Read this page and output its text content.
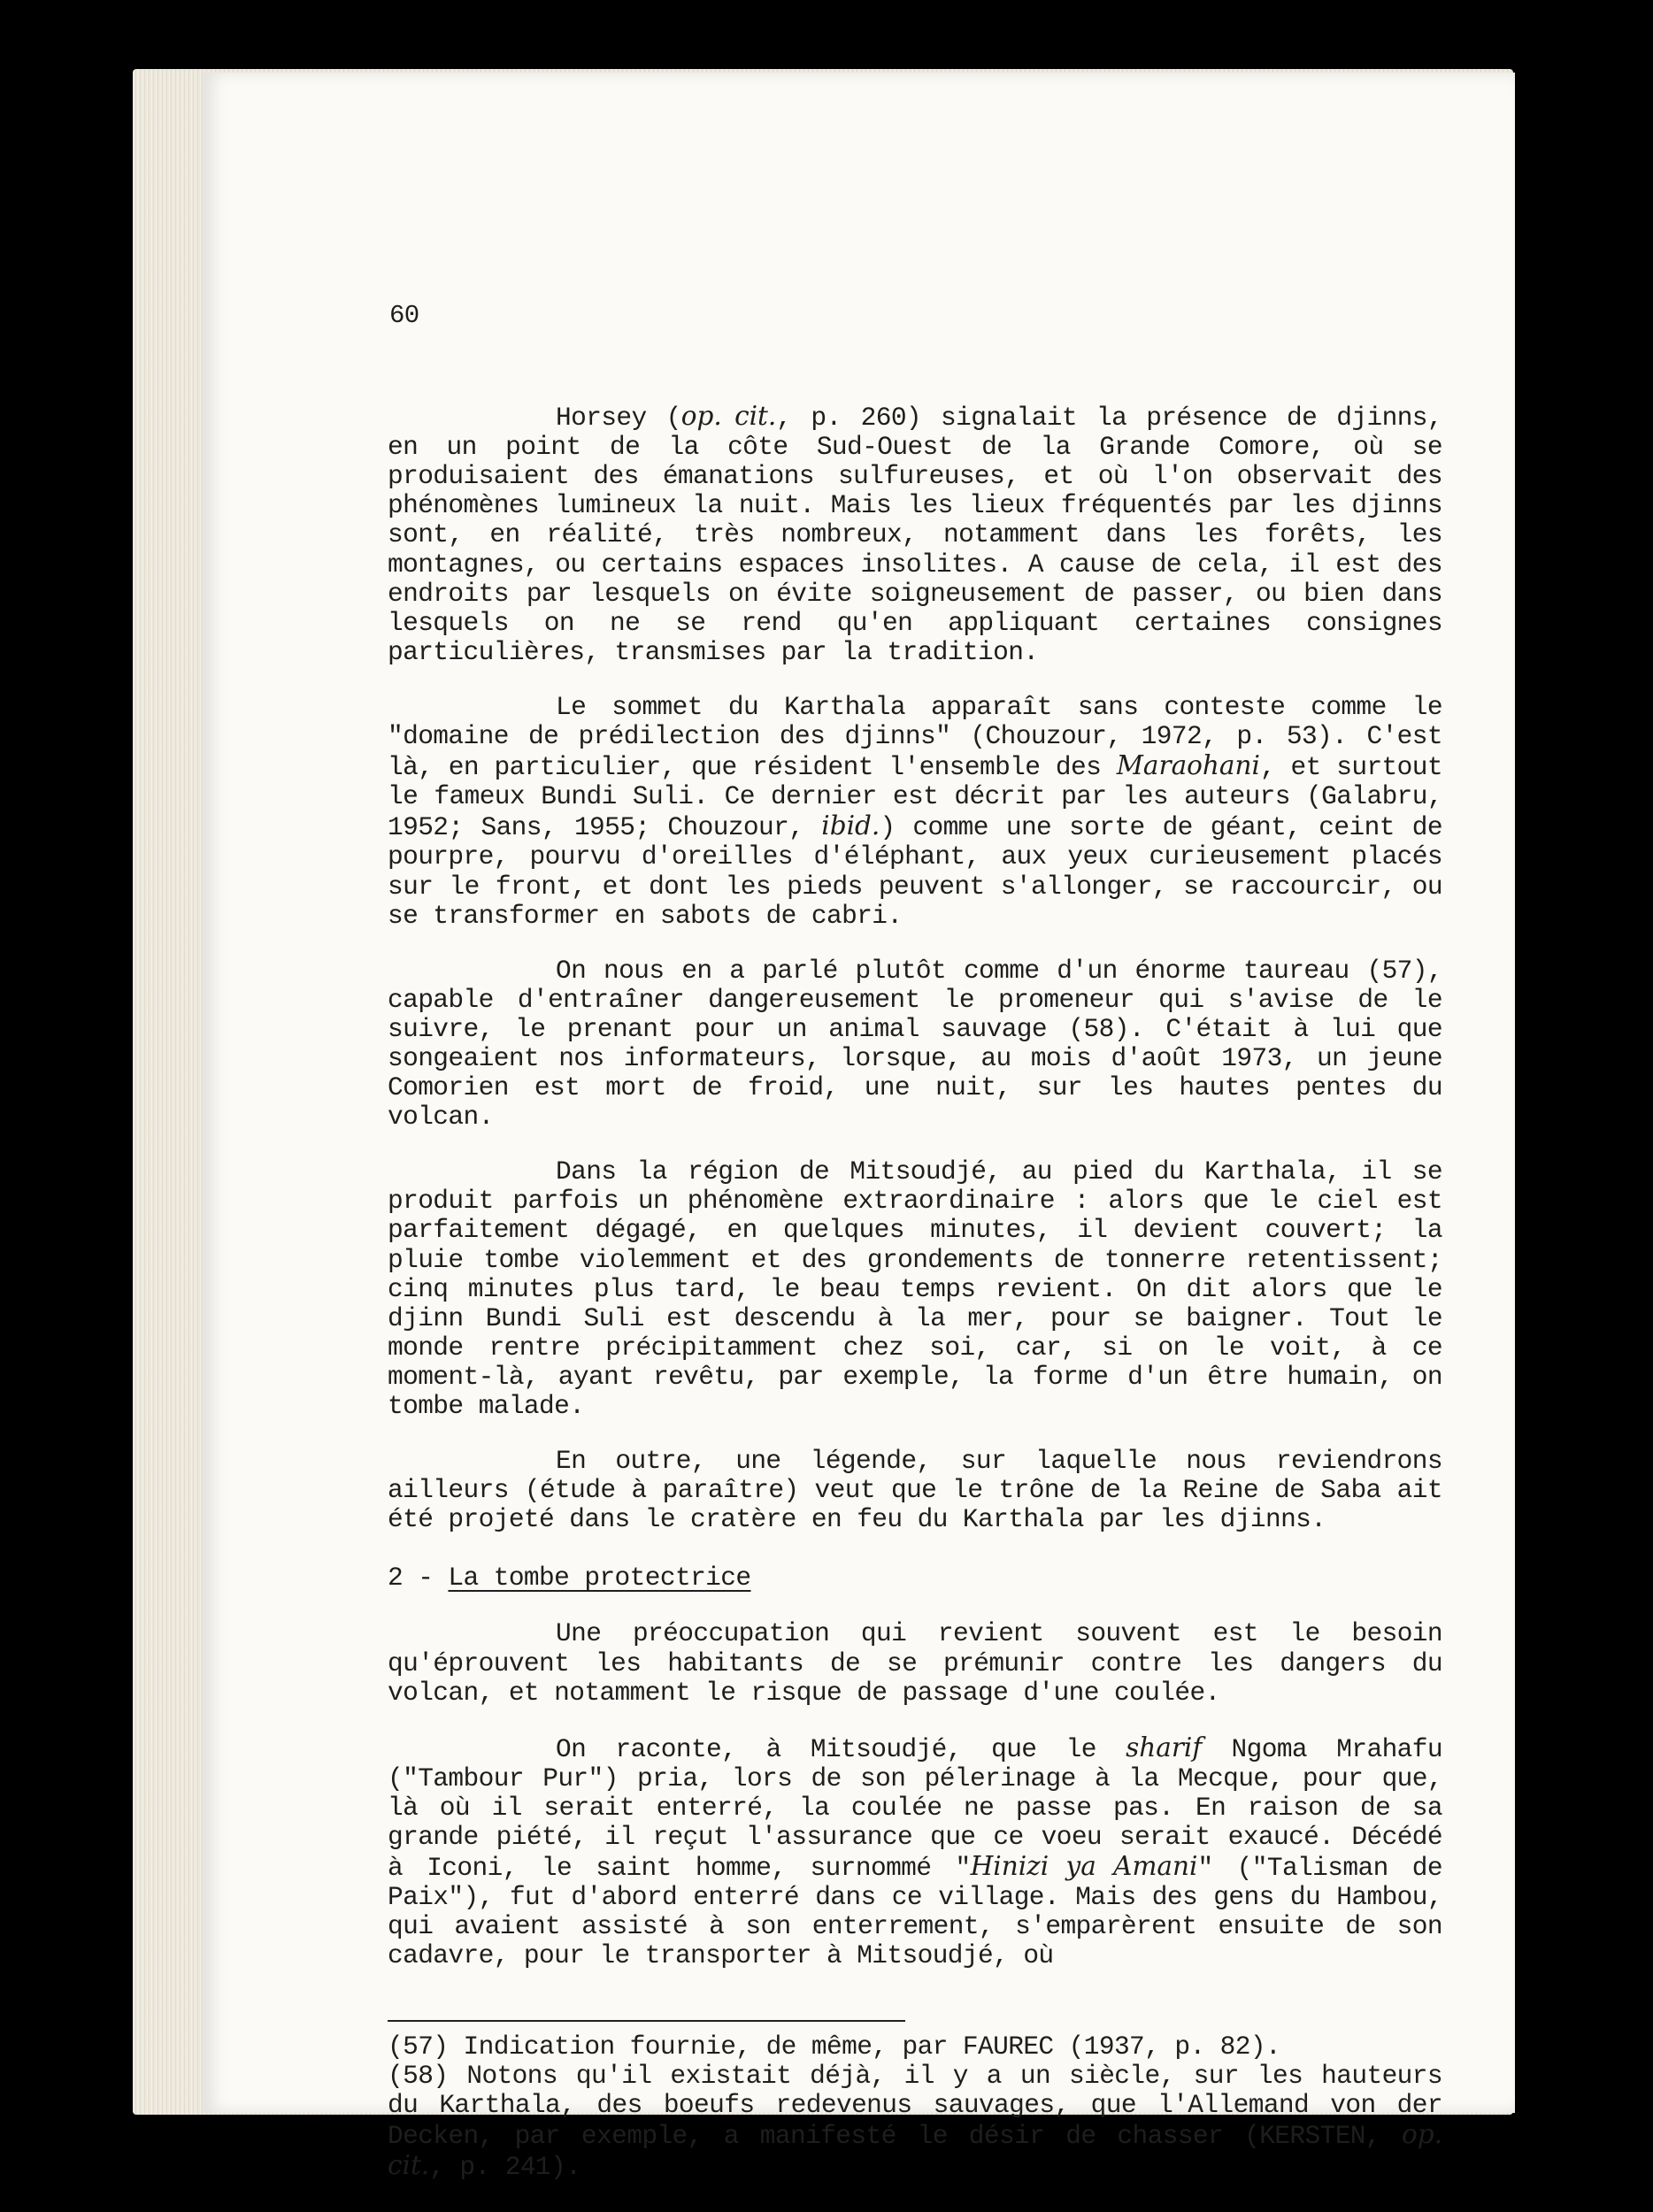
60

Horsey (op. cit., p. 260) signalait la présence de djinns, en un point de la côte Sud-Ouest de la Grande Comore, où se produisaient des émanations sulfureuses, et où l'on observait des phénomènes lumineux la nuit. Mais les lieux fréquentés par les djinns sont, en réalité, très nombreux, notamment dans les forêts, les montagnes, ou certains espaces insolites. A cause de cela, il est des endroits par lesquels on évite soigneusement de passer, ou bien dans lesquels on ne se rend qu'en appliquant certaines consignes particulières, transmises par la tradition.

Le sommet du Karthala apparaît sans conteste comme le "domaine de prédilection des djinns" (Chouzour, 1972, p. 53). C'est là, en particulier, que résident l'ensemble des Maraohani, et surtout le fameux Bundi Suli. Ce dernier est décrit par les auteurs (Galabru, 1952; Sans, 1955; Chouzour, ibid.) comme une sorte de géant, ceint de pourpre, pourvu d'oreilles d'éléphant, aux yeux curieusement placés sur le front, et dont les pieds peuvent s'allonger, se raccourcir, ou se transformer en sabots de cabri.

On nous en a parlé plutôt comme d'un énorme taureau (57), capable d'entraîner dangereusement le promeneur qui s'avise de le suivre, le prenant pour un animal sauvage (58). C'était à lui que songeaient nos informateurs, lorsque, au mois d'août 1973, un jeune Comorien est mort de froid, une nuit, sur les hautes pentes du volcan.

Dans la région de Mitsoudjé, au pied du Karthala, il se produit parfois un phénomène extraordinaire : alors que le ciel est parfaitement dégagé, en quelques minutes, il devient couvert; la pluie tombe violemment et des grondements de tonnerre retentissent; cinq minutes plus tard, le beau temps revient. On dit alors que le djinn Bundi Suli est descendu à la mer, pour se baigner. Tout le monde rentre précipitamment chez soi, car, si on le voit, à ce moment-là, ayant revêtu, par exemple, la forme d'un être humain, on tombe malade.

En outre, une légende, sur laquelle nous reviendrons ailleurs (étude à paraître) veut que le trône de la Reine de Saba ait été projeté dans le cratère en feu du Karthala par les djinns.

2 - La tombe protectrice

Une préoccupation qui revient souvent est le besoin qu'éprouvent les habitants de se prémunir contre les dangers du volcan, et notamment le risque de passage d'une coulée.

On raconte, à Mitsoudjé, que le sharif Ngoma Mrahafu ("Tambour Pur") pria, lors de son pélerinage à la Mecque, pour que, là où il serait enterré, la coulée ne passe pas. En raison de sa grande piété, il reçut l'assurance que ce voeu serait exaucé. Décédé à Iconi, le saint homme, surnommé "Hinizi ya Amani" ("Talisman de Paix"), fut d'abord enterré dans ce village. Mais des gens du Hambou, qui avaient assisté à son enterrement, s'emparèrent ensuite de son cadavre, pour le transporter à Mitsoudjé, où

(57) Indication fournie, de même, par FAUREC (1937, p. 82).

(58) Notons qu'il existait déjà, il y a un siècle, sur les hauteurs du Karthala, des boeufs redevenus sauvages, que l'Allemand von der Decken, par exemple, a manifesté le désir de chasser (KERSTEN, op. cit., p. 241).
